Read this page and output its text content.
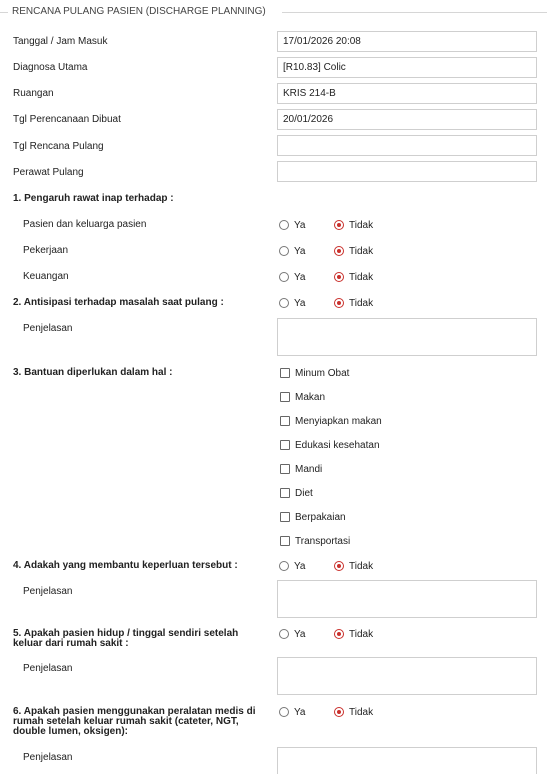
RENCANA PULANG PASIEN (DISCHARGE PLANNING)
Tanggal / Jam Masuk	17/01/2026 20:08
Diagnosa Utama	[R10.83] Colic
Ruangan	KRIS 214-B
Tgl Perencanaan Dibuat	20/01/2026
Tgl Rencana Pulang
Perawat Pulang
1. Pengaruh rawat inap terhadap :
Pasien dan keluarga pasien	Ya	Tidak
Pekerjaan	Ya	Tidak
Keuangan	Ya	Tidak
2. Antisipasi terhadap masalah saat pulang :	Ya	Tidak
Penjelasan
3. Bantuan diperlukan dalam hal :	Minum Obat
Makan
Menyiapkan makan
Edukasi kesehatan
Mandi
Diet
Berpakaian
Transportasi
4. Adakah yang membantu keperluan tersebut :	Ya	Tidak
Penjelasan
5. Apakah pasien hidup / tinggal sendiri setelah
keluar dari rumah sakit :
Ya	Tidak
Penjelasan
6. Apakah pasien menggunakan peralatan medis di
rumah setelah keluar rumah sakit (cateter, NGT,
double lumen, oksigen):
Ya	Tidak
Penjelasan
